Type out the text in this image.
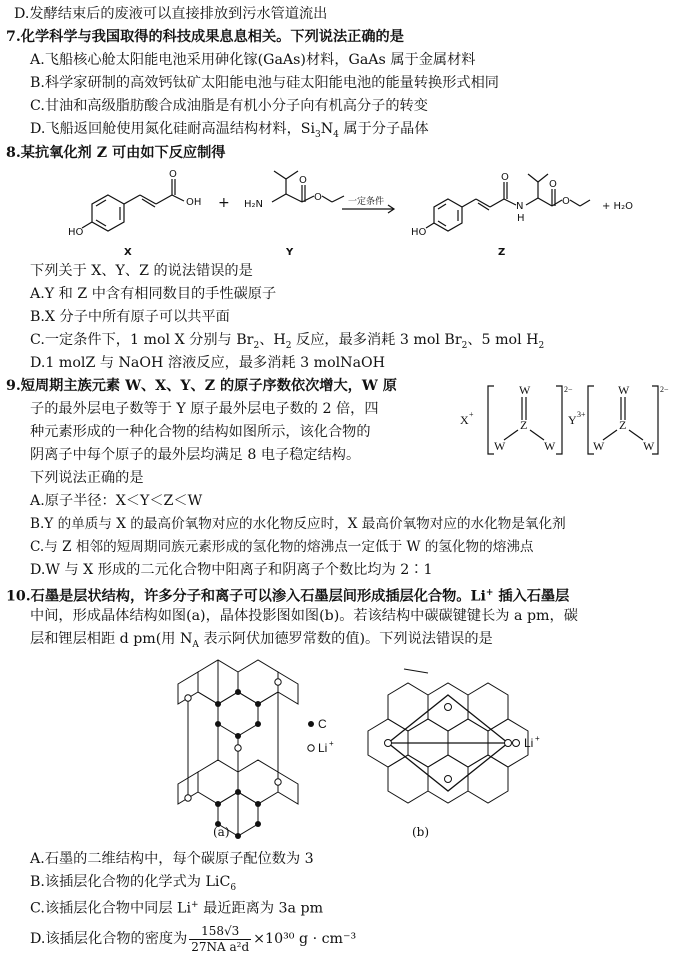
D.发酵结束后的废液可以直接排放到污水管道流出
7.化学科学与我国取得的科技成果息息相关。下列说法正确的是
A.飞船核心舱太阳能电池采用砷化镓(GaAs)材料，GaAs 属于金属材料
B.科学家研制的高效钙钛矿太阳能电池与硅太阳能电池的能量转换形式相同
C.甘油和高级脂肪酸合成油脂是有机小分子向有机高分子的转变
D.飞船返回舱使用氮化硅耐高温结构材料，$Si_3N_4$ 属于分子晶体
8.某抗氧化剂 Z 可由如下反应制得
HO
O
OH
X
+ H₂N
O
O
Y
一定条件
HO
O
N
H
O
O
Z
+ H₂O
下列关于 X、Y、Z 的说法错误的是
A.Y 和 Z 中含有相同数目的手性碳原子
B.X 分子中所有原子可以共平面
C.一定条件下，1 mol X 分别与 $Br_2$、$H_2$ 反应，最多消耗 3 mol $Br_2$、5 mol $H_2$
D.1 molZ 与 NaOH 溶液反应，最多消耗 3 molNaOH
9.短周期主族元素 W、X、Y、Z 的原子序数依次增大，W 原
子的最外层电子数等于 Y 原子最外层电子数的 2 倍，四
种元素形成的一种化合物的结构如图所示，该化合物的
阴离子中每个原子的最外层均满足 8 电子稳定结构。
X +
W
Z
W	W
2−
Y 3+
W
Z
W	W
2−
下列说法正确的是
A.原子半径：X＜Y＜Z＜W
B.Y 的单质与 X 的最高价氧物对应的水化物反应时，X 最高价氧物对应的水化物是氧化剂
C.与 Z 相邻的短周期同族元素形成的氢化物的熔沸点一定低于 W 的氢化物的熔沸点
D.W 与 X 形成的二元化合物中阳离子和阴离子个数比均为 2∶1
10.石墨是层状结构，许多分子和离子可以渗入石墨层间形成插层化合物。Li+ 插入石墨层
中间，形成晶体结构如图(a)，晶体投影图如图(b)。若该结构中碳碳键键长为 a pm，碳
层和锂层相距 d pm(用 $N_A$ 表示阿伏加德罗常数的值)。下列说法错误的是
C
Li +
(a)
Li +
(b)
A.石墨的二维结构中，每个碳原子配位数为 3
B.该插层化合物的化学式为 LiC$_6$
C.该插层化合物中同层 Li+ 最近距离为 3a pm
D.该插层化合物的密度为 $\frac{158√3}{\text{27NA a²d}} \times 10^{30}$ g · cm⁻³
